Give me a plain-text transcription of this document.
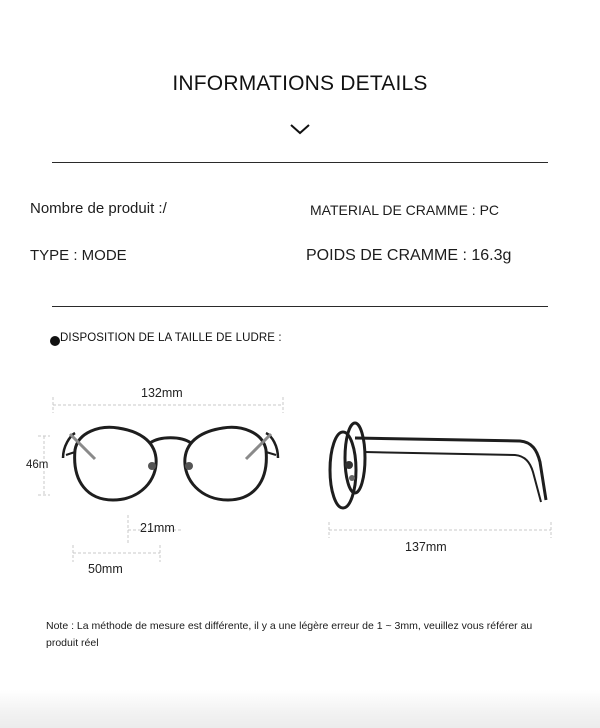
INFORMATIONS DETAILS
Nombre de produit :/	MATERIAL DE CRAMME : PC
TYPE : MODE	POIDS DE CRAMME : 16.3g
DISPOSITION DE LA TAILLE DE LUDRE :
132mm
46m
21mm
50mm
137mm
Note : La méthode de mesure est différente, il y a une légère erreur de 1 ~ 3mm, veuillez vous référer au produit réel
